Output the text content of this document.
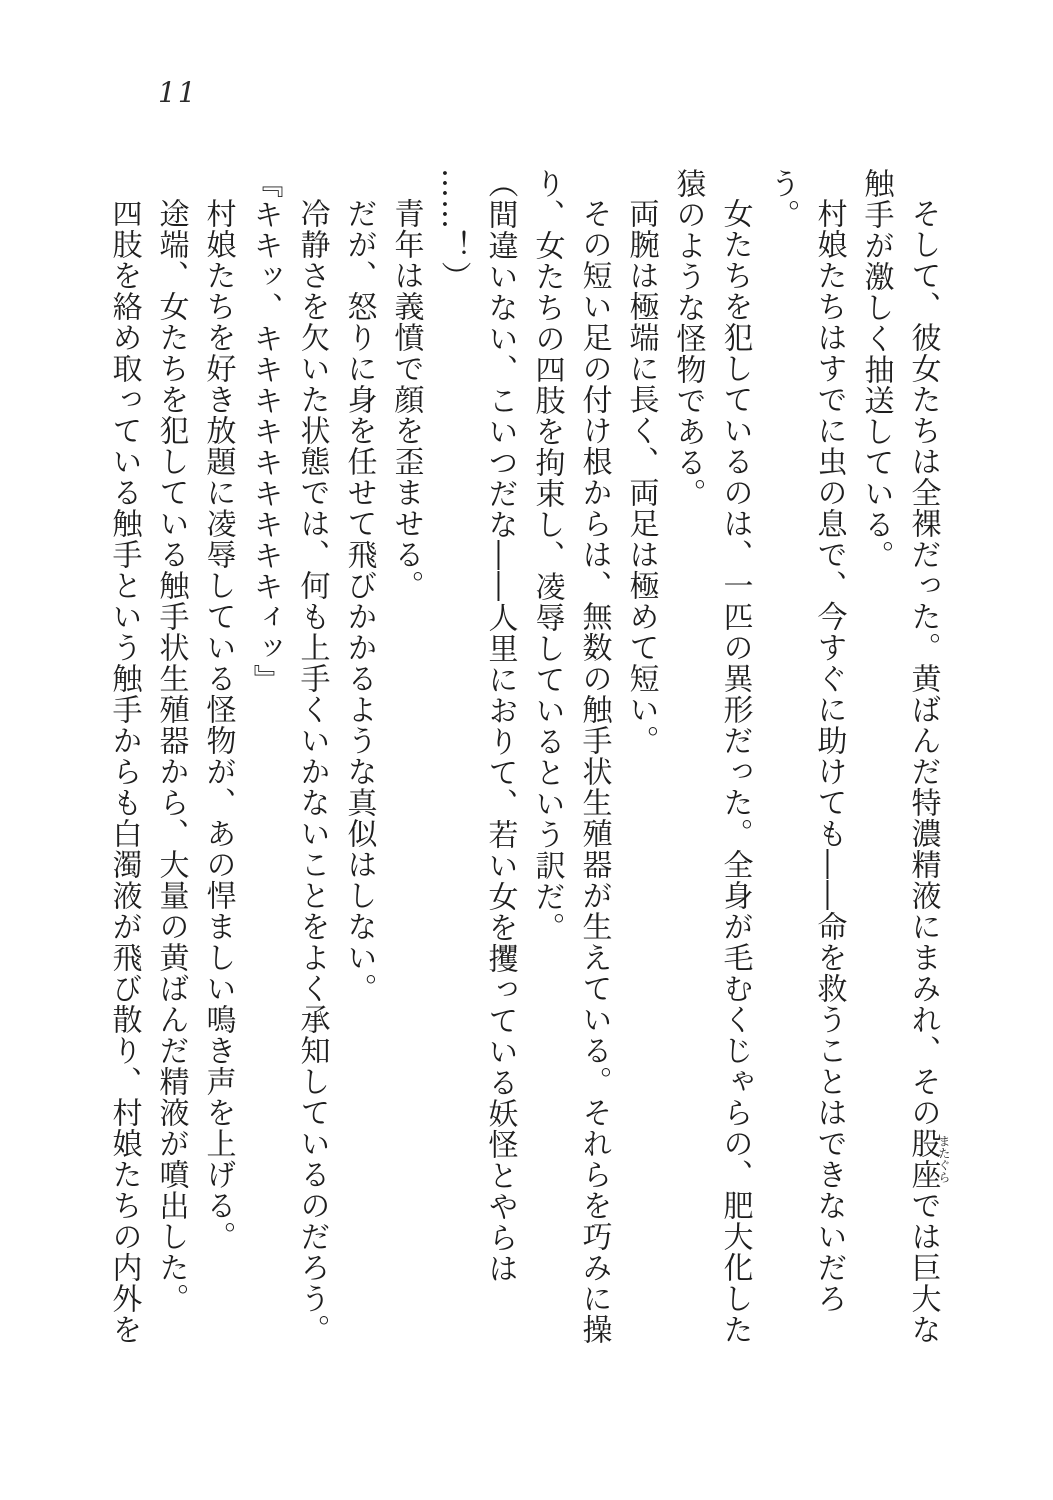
11
そして、彼女たちは全裸だった。黄ばんだ特濃精液にまみれ、その股座またぐらでは巨大な
触手が激しく抽送している。
村娘たちはすでに虫の息で、今すぐに助けても――命を救うことはできないだろう。
女たちを犯しているのは、一匹の異形だった。全身が毛むくじゃらの、肥大化した
猿のような怪物である。
両腕は極端に長く、両足は極めて短い。
その短い足の付け根からは、無数の触手状生殖器が生えている。それらを巧みに操
り、女たちの四肢を拘束し、凌辱しているという訳だ。
（間違いない、こいつだな――人里におりて、若い女を攫っている妖怪とやらは
……！）
青年は義憤で顔を歪ませる。
だが、怒りに身を任せて飛びかかるような真似はしない。
冷静さを欠いた状態では、何も上手くいかないことをよく承知しているのだろう。
『キキッ、キキキキキキキキキィッ』
村娘たちを好き放題に凌辱している怪物が、あの悍ましい鳴き声を上げる。
途端、女たちを犯している触手状生殖器から、大量の黄ばんだ精液が噴出した。
四肢を絡め取っている触手という触手からも白濁液が飛び散り、村娘たちの内外を
